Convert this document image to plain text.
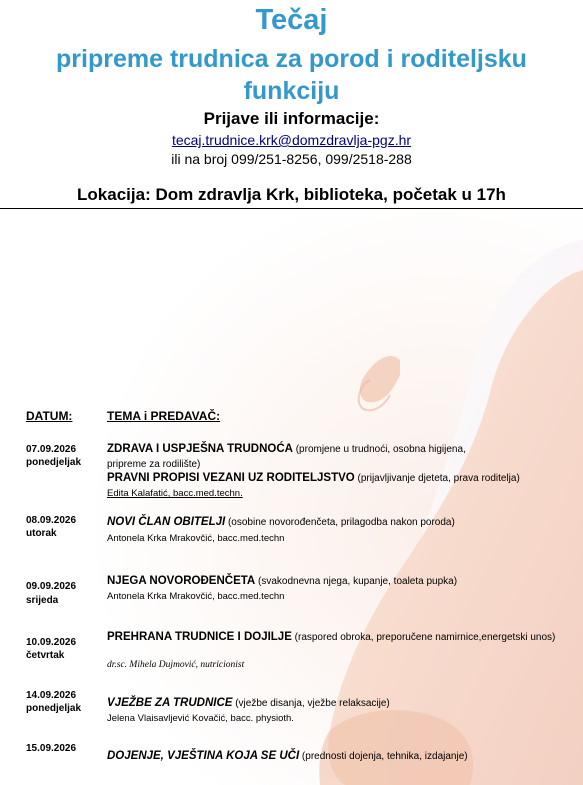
Tečaj
pripreme trudnica za porod i roditeljsku
funkciju
Prijave ili informacije:
tecaj.trudnice.krk@domzdravlja-pgz.hr
ili na broj 099/251-8256, 099/2518-288
Lokacija: Dom zdravlja Krk, biblioteka, početak u 17h
DATUM:	TEMA i PREDAVAČ:
07.09.2026
ponedjeljak
ZDRAVA I USPJEŠNA TRUDNOĆA (promjene u trudnoći, osobna higijena,
pripreme za rodilište)
PRAVNI PROPISI VEZANI UZ RODITELJSTVO (prijavljivanje djeteta, prava roditelja)
Edita Kalafatić, bacc.med.techn.
08.09.2026
utorak
NOVI ČLAN OBITELJI (osobine novorođenčeta, prilagodba nakon poroda)
Antonela Krka Mrakovčić, bacc.med.techn
09.09.2026
srijeda
NJEGA NOVOROĐENČETA (svakodnevna njega, kupanje, toaleta pupka)
Antonela Krka Mrakovčić, bacc.med.techn
10.09.2026
četvrtak
PREHRANA TRUDNICE I DOJILJE (raspored obroka, preporučene namirnice,energetski unos)
dr.sc. Mihela Dujmović, nutricionist
14.09.2026
ponedjeljak VJEŽBE ZA TRUDNICE (vježbe disanja, vježbe relaksacije)
Jelena Vlaisavljević Kovačić, bacc. physioth.
15.09.2026
DOJENJE, VJEŠTINA KOJA SE UČI (prednosti dojenja, tehnika, izdajanje)
